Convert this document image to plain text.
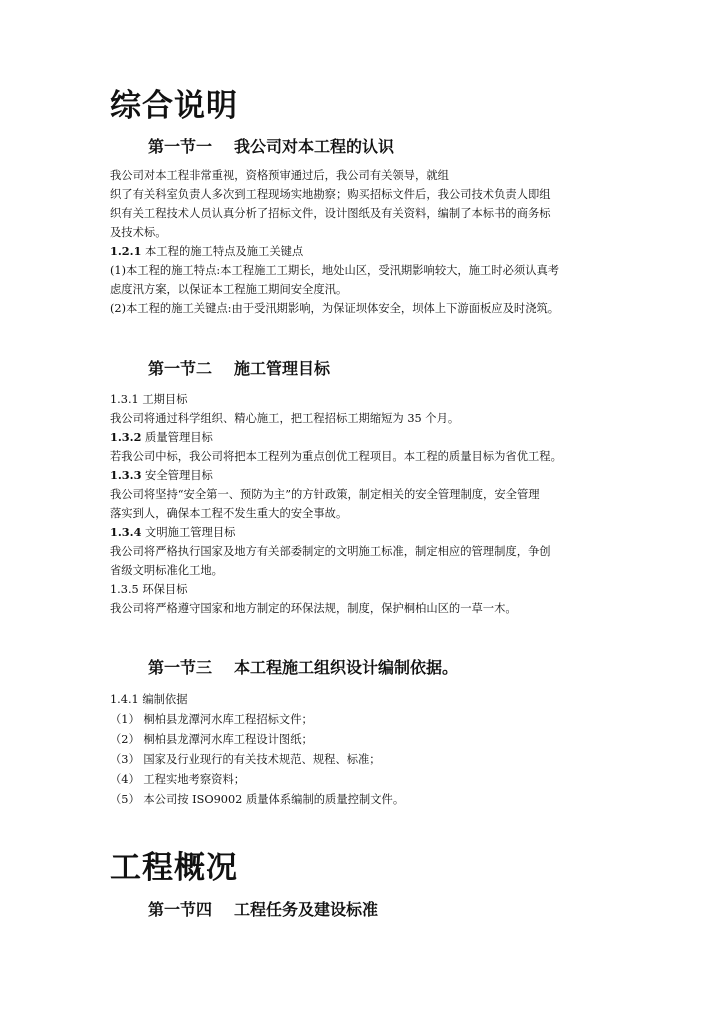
综合说明
第一节一 我公司对本工程的认识
我公司对本工程非常重视，资格预审通过后，我公司有关领导，就组
织了有关科室负责人多次到工程现场实地勘察；购买招标文件后，我公司技术负责人即组
织有关工程技术人员认真分析了招标文件，设计图纸及有关资料，编制了本标书的商务标
及技术标。
1.2.1 本工程的施工特点及施工关键点
(1)本工程的施工特点:本工程施工工期长，地处山区，受汛期影响较大，施工时必须认真考
虑度汛方案，以保证本工程施工期间安全度汛。
(2)本工程的施工关键点:由于受汛期影响，为保证坝体安全，坝体上下游面板应及时浇筑。
第一节二 施工管理目标
1.3.1 工期目标
我公司将通过科学组织、精心施工，把工程招标工期缩短为 35 个月。
1.3.2 质量管理目标
若我公司中标，我公司将把本工程列为重点创优工程项目。本工程的质量目标为省优工程。
1.3.3 安全管理目标
我公司将坚持“安全第一、预防为主”的方针政策，制定相关的安全管理制度，安全管理
落实到人，确保本工程不发生重大的安全事故。
1.3.4 文明施工管理目标
我公司将严格执行国家及地方有关部委制定的文明施工标准，制定相应的管理制度，争创
省级文明标准化工地。
1.3.5 环保目标
我公司将严格遵守国家和地方制定的环保法规，制度，保护桐柏山区的一草一木。
第一节三 本工程施工组织设计编制依据。
1.4.1 编制依据
（1） 桐柏县龙潭河水库工程招标文件；
（2） 桐柏县龙潭河水库工程设计图纸；
（3） 国家及行业现行的有关技术规范、规程、标准；
（4） 工程实地考察资料；
（5） 本公司按 ISO9002 质量体系编制的质量控制文件。
工程概况
第一节四 工程任务及建设标准
